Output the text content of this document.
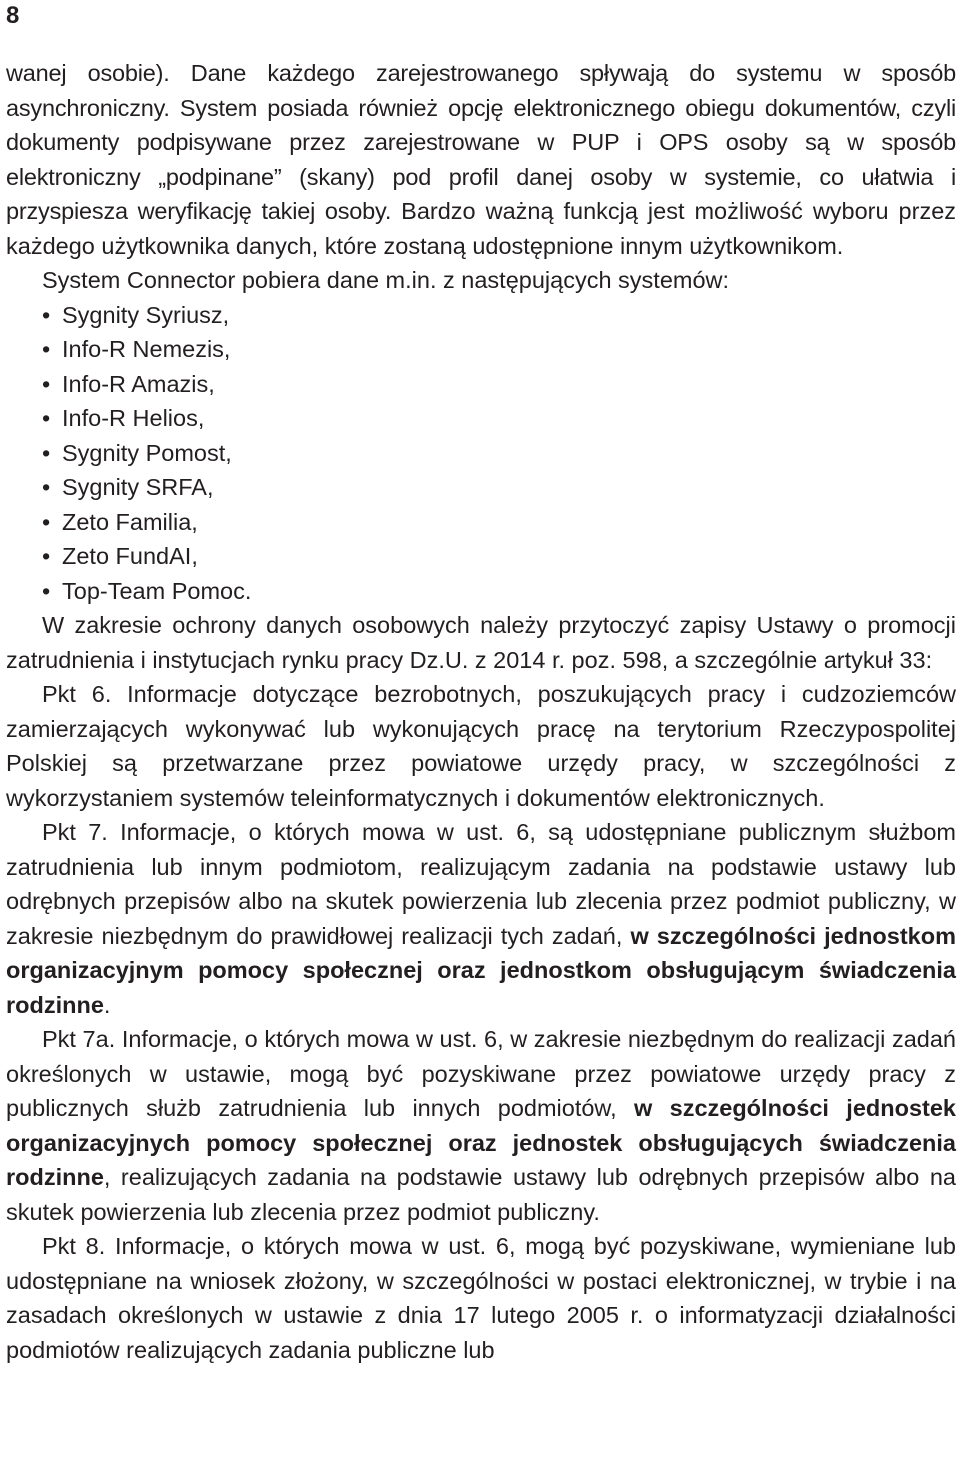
8

wanej osobie). Dane każdego zarejestrowanego spływają do systemu w sposób asynchroniczny. System posiada również opcję elektronicznego obiegu dokumentów, czyli dokumenty podpisywane przez zarejestrowane w PUP i OPS osoby są w sposób elektroniczny „podpinane” (skany) pod profil danej osoby w systemie, co ułatwia i przyspiesza weryfikację takiej osoby. Bardzo ważną funkcją jest możliwość wyboru przez każdego użytkownika danych, które zostaną udostępnione innym użytkownikom.

System Connector pobiera dane m.in. z następujących systemów:

• Sygnity Syriusz,
• Info-R Nemezis,
• Info-R Amazis,
• Info-R Helios,
• Sygnity Pomost,
• Sygnity SRFA,
• Zeto Familia,
• Zeto FundAI,
• Top-Team Pomoc.

W zakresie ochrony danych osobowych należy przytoczyć zapisy Ustawy o promocji zatrudnienia i instytucjach rynku pracy Dz.U. z 2014 r. poz. 598, a szczególnie artykuł 33:

Pkt 6. Informacje dotyczące bezrobotnych, poszukujących pracy i cudzoziemców zamierzających wykonywać lub wykonujących pracę na terytorium Rzeczypospolitej Polskiej są przetwarzane przez powiatowe urzędy pracy, w szczególności z wykorzystaniem systemów teleinformatycznych i dokumentów elektronicznych.

Pkt 7. Informacje, o których mowa w ust. 6, są udostępniane publicznym służbom zatrudnienia lub innym podmiotom, realizującym zadania na podstawie ustawy lub odrębnych przepisów albo na skutek powierzenia lub zlecenia przez podmiot publiczny, w zakresie niezbędnym do prawidłowej realizacji tych zadań, w szczególności jednostkom organizacyjnym pomocy społecznej oraz jednostkom obsługującym świadczenia rodzinne.

Pkt 7a. Informacje, o których mowa w ust. 6, w zakresie niezbędnym do realizacji zadań określonych w ustawie, mogą być pozyskiwane przez powiatowe urzędy pracy z publicznych służb zatrudnienia lub innych podmiotów, w szczególności jednostek organizacyjnych pomocy społecznej oraz jednostek obsługujących świadczenia rodzinne, realizujących zadania na podstawie ustawy lub odrębnych przepisów albo na skutek powierzenia lub zlecenia przez podmiot publiczny.

Pkt 8. Informacje, o których mowa w ust. 6, mogą być pozyskiwane, wymieniane lub udostępniane na wniosek złożony, w szczególności w postaci elektronicznej, w trybie i na zasadach określonych w ustawie z dnia 17 lutego 2005 r. o informatyzacji działalności podmiotów realizujących zadania publiczne lub
